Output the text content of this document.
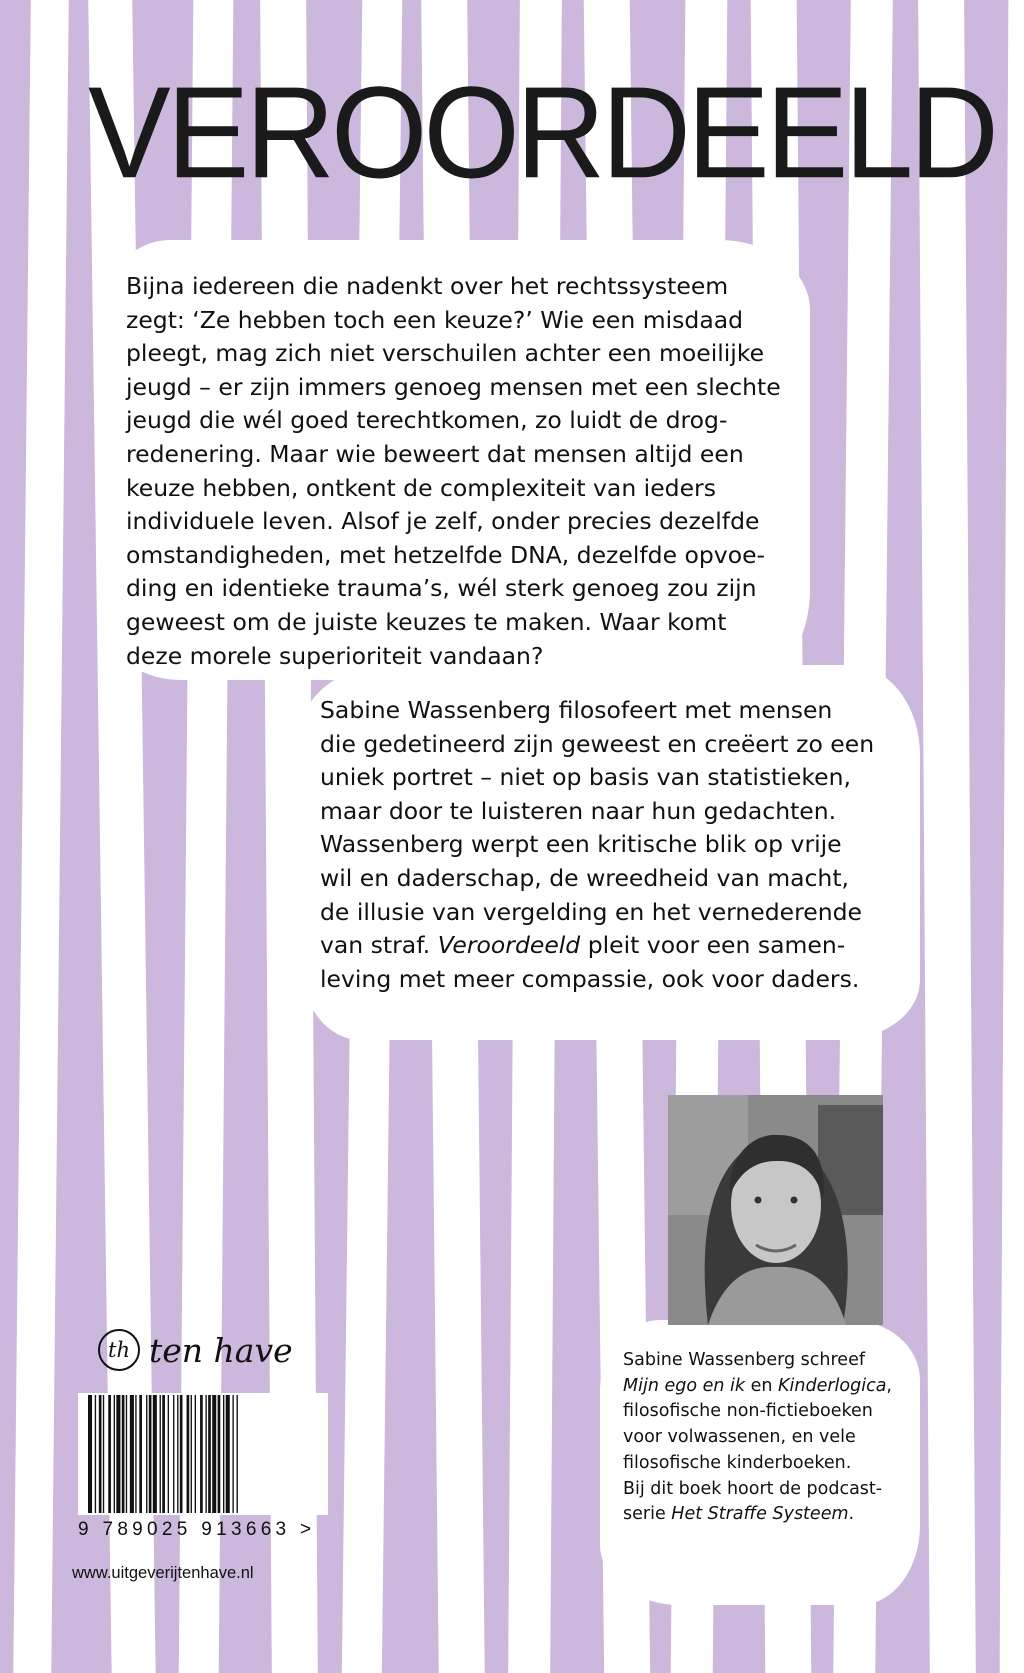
VEROORDEELD
Bijna iedereen die nadenkt over het rechtssysteem
zegt: ‘Ze hebben toch een keuze?’ Wie een misdaad
pleegt, mag zich niet verschuilen achter een moeilijke
jeugd – er zijn immers genoeg mensen met een slechte
jeugd die wél goed terechtkomen, zo luidt de drog-
redenering. Maar wie beweert dat mensen altijd een
keuze hebben, ontkent de complexiteit van ieders
individuele leven. Alsof je zelf, onder precies dezelfde
omstandigheden, met hetzelfde DNA, dezelfde opvoe-
ding en identieke trauma’s, wél sterk genoeg zou zijn
geweest om de juiste keuzes te maken. Waar komt
deze morele superioriteit vandaan?
Sabine Wassenberg filosofeert met mensen
die gedetineerd zijn geweest en creëert zo een
uniek portret – niet op basis van statistieken,
maar door te luisteren naar hun gedachten.
Wassenberg werpt een kritische blik op vrije
wil en daderschap, de wreedheid van macht,
de illusie van vergelding en het vernederende
van straf. Veroordeeld pleit voor een samen-
leving met meer compassie, ook voor daders.
Sabine Wassenberg schreef
Mijn ego en ik en Kinderlogica,
filosofische non-fictieboeken
voor volwassenen, en vele
filosofische kinderboeken.
Bij dit boek hoort de podcast-
serie Het Straffe Systeem.
th ten have
9 789025 913663 >
www.uitgeverijtenhave.nl
